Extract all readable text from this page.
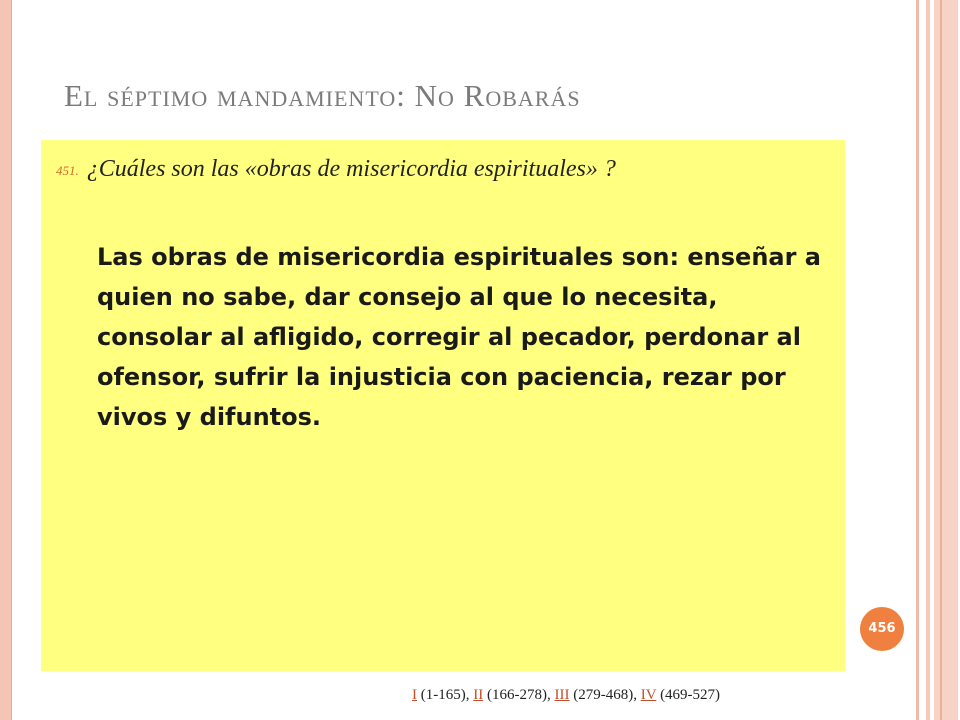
El séptimo mandamiento: No Robarás

451. ¿Cuáles son las «obras de misericordia espirituales» ?

Las obras de misericordia espirituales son: enseñar a quien no sabe, dar consejo al que lo necesita, consolar al afligido, corregir al pecador, perdonar al ofensor, sufrir la injusticia con paciencia, rezar por vivos y difuntos.

456

I (1-165), II (166-278), III (279-468), IV (469-527)
